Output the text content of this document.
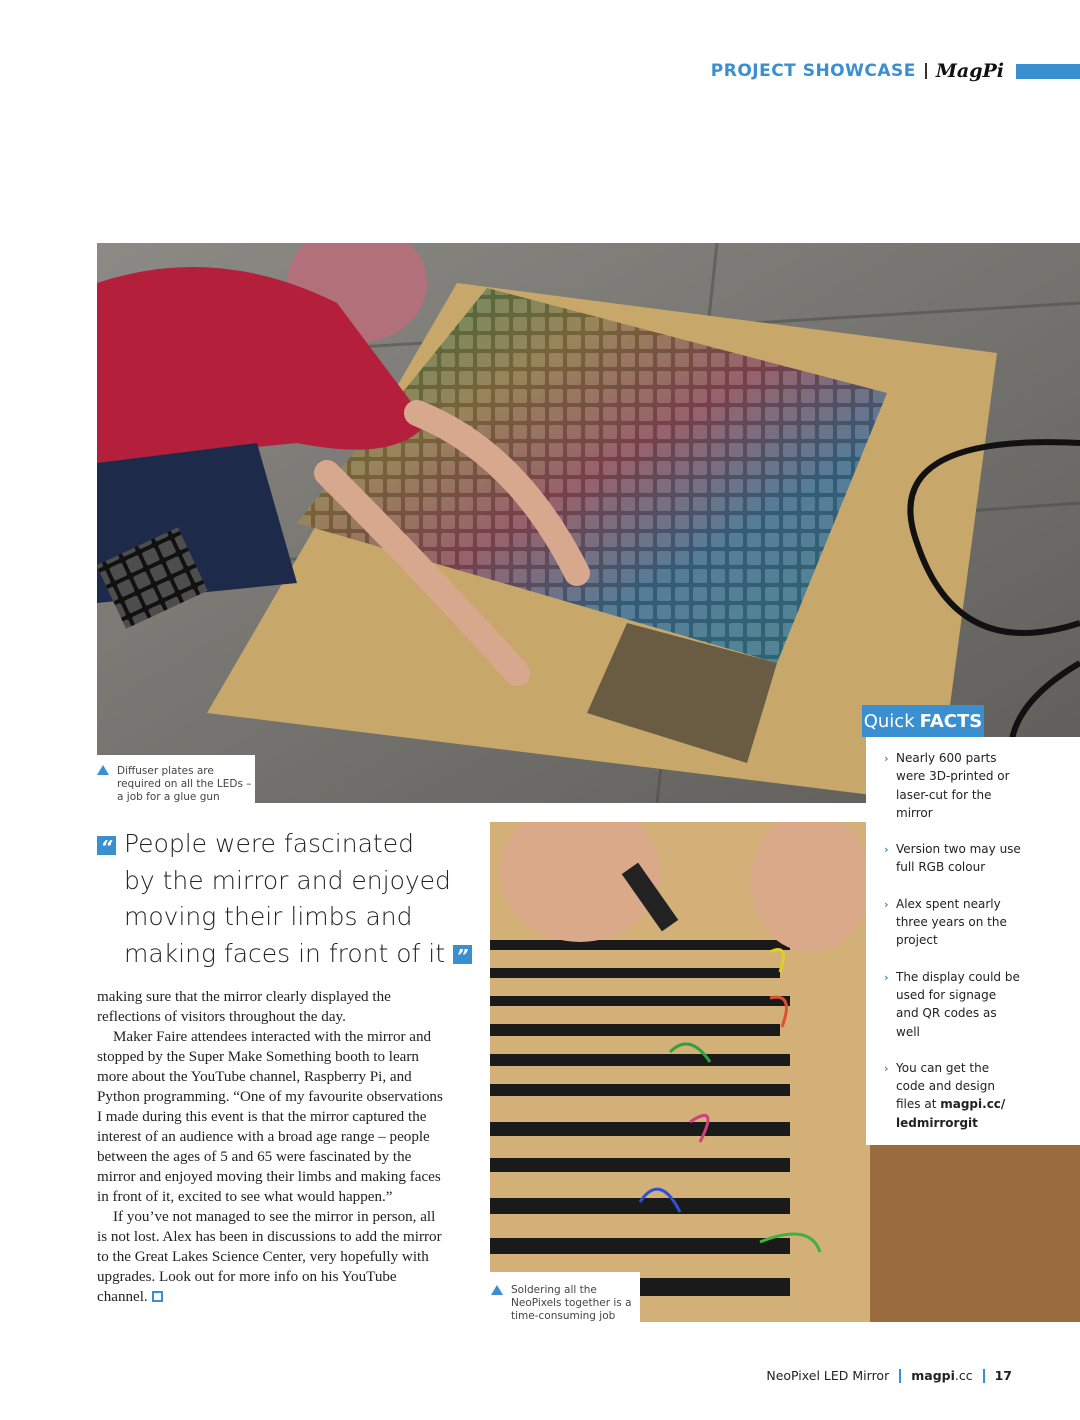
PROJECT SHOWCASE MagPi
Diffuser plates are required on all the LEDs – a job for a glue gun
Soldering all the NeoPixels together is a time-consuming job
Quick FACTS
› Nearly 600 parts were 3D-printed or laser-cut for the mirror
› Version two may use full RGB colour
› Alex spent nearly three years on the project
› The display could be used for signage and QR codes as well
› You can get the code and design files at magpi.cc/ ledmirrorgit
“ People were fascinated
by the mirror and enjoyed
moving their limbs and
making faces in front of it ”

making sure that the mirror clearly displayed the reflections of visitors throughout the day.

Maker Faire attendees interacted with the mirror and stopped by the Super Make Something booth to learn more about the YouTube channel, Raspberry Pi, and Python programming. “One of my favourite observations I made during this event is that the mirror captured the interest of an audience with a broad age range – people between the ages of 5 and 65 were fascinated by the mirror and enjoyed moving their limbs and making faces in front of it, excited to see what would happen.”

If you’ve not managed to see the mirror in person, all is not lost. Alex has been in discussions to add the mirror to the Great Lakes Science Center, very hopefully with upgrades. Look out for more info on his YouTube channel.

NeoPixel LED Mirror magpi.cc 17
